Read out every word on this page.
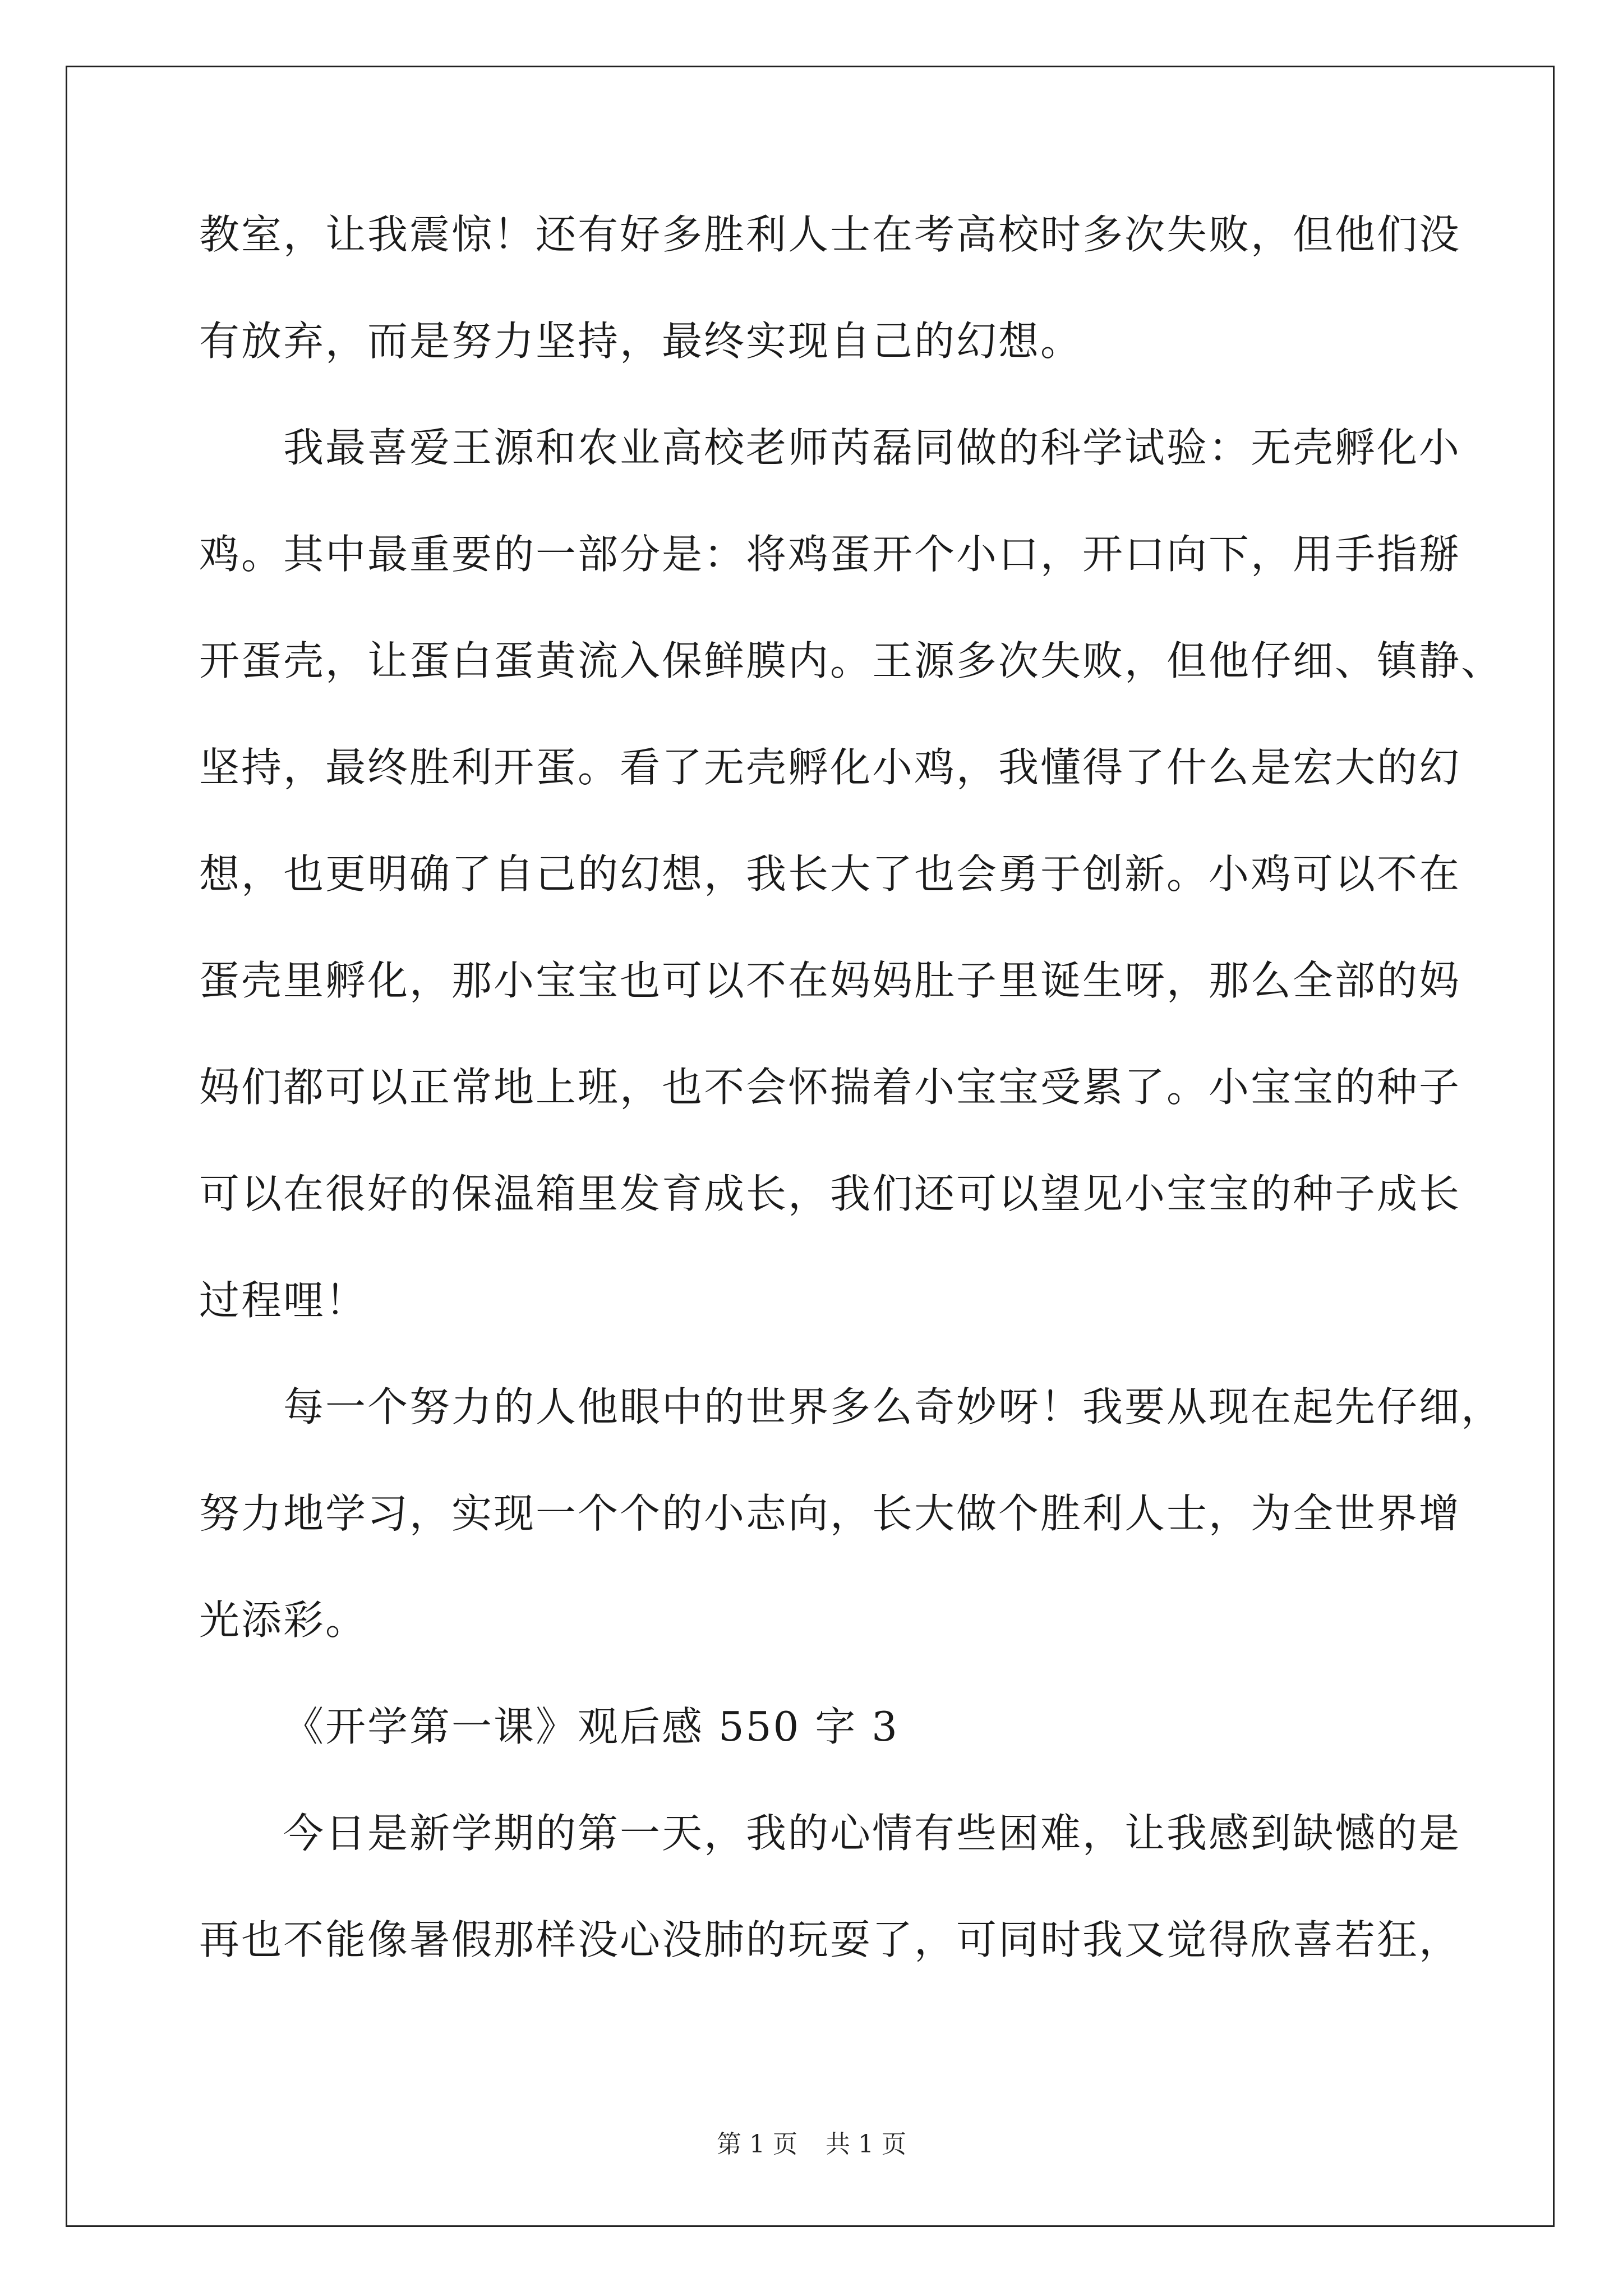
教室，让我震惊！还有好多胜利人士在考高校时多次失败，但他们没
有放弃，而是努力坚持，最终实现自己的幻想。
我最喜爱王源和农业高校老师芮磊同做的科学试验：无壳孵化小
鸡。其中最重要的一部分是：将鸡蛋开个小口，开口向下，用手指掰
开蛋壳，让蛋白蛋黄流入保鲜膜内。王源多次失败，但他仔细、镇静、
坚持，最终胜利开蛋。看了无壳孵化小鸡，我懂得了什么是宏大的幻
想，也更明确了自己的幻想，我长大了也会勇于创新。小鸡可以不在
蛋壳里孵化，那小宝宝也可以不在妈妈肚子里诞生呀，那么全部的妈
妈们都可以正常地上班，也不会怀揣着小宝宝受累了。小宝宝的种子
可以在很好的保温箱里发育成长，我们还可以望见小宝宝的种子成长
过程哩！
每一个努力的人他眼中的世界多么奇妙呀！我要从现在起先仔细，
努力地学习，实现一个个的小志向，长大做个胜利人士，为全世界增
光添彩。
《开学第一课》观后感 550 字 3
今日是新学期的第一天，我的心情有些困难，让我感到缺憾的是
再也不能像暑假那样没心没肺的玩耍了，可同时我又觉得欣喜若狂，
第 1 页 共 1 页
